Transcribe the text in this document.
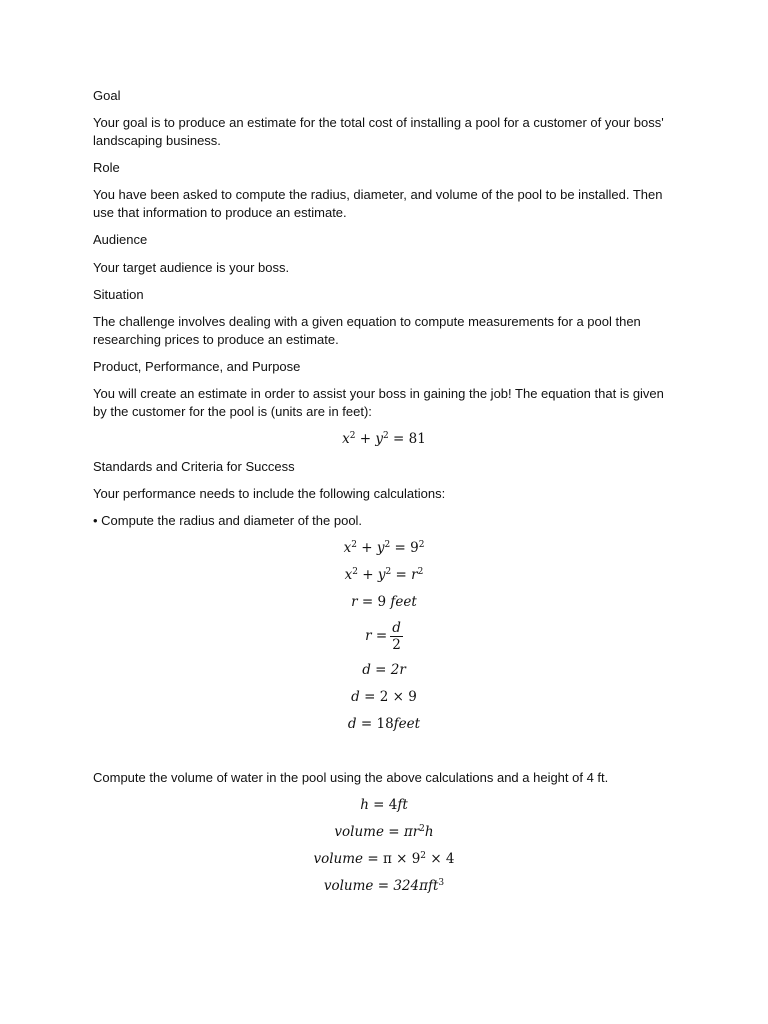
Goal
Your goal is to produce an estimate for the total cost of installing a pool for a customer of your boss' landscaping business.
Role
You have been asked to compute the radius, diameter, and volume of the pool to be installed. Then use that information to produce an estimate.
Audience
Your target audience is your boss.
Situation
The challenge involves dealing with a given equation to compute measurements for a pool then researching prices to produce an estimate.
Product, Performance, and Purpose
You will create an estimate in order to assist your boss in gaining the job! The equation that is given by the customer for the pool is (units are in feet):
$x^2 + y^2 = 81$
Standards and Criteria for Success
Your performance needs to include the following calculations:
• Compute the radius and diameter of the pool.
$x^2 + y^2 = 9^2$
$x^2 + y^2 = r^2$
r = 9 feet
$r = \frac{d}{2}$
d = 2r
d = 2 × 9
d = 18feet
Compute the volume of water in the pool using the above calculations and a height of 4 ft.
h = 4ft
volume = $\pi r^2h$
volume = $\pi \times 9^2 \times 4$
volume = 324πft$^3$
